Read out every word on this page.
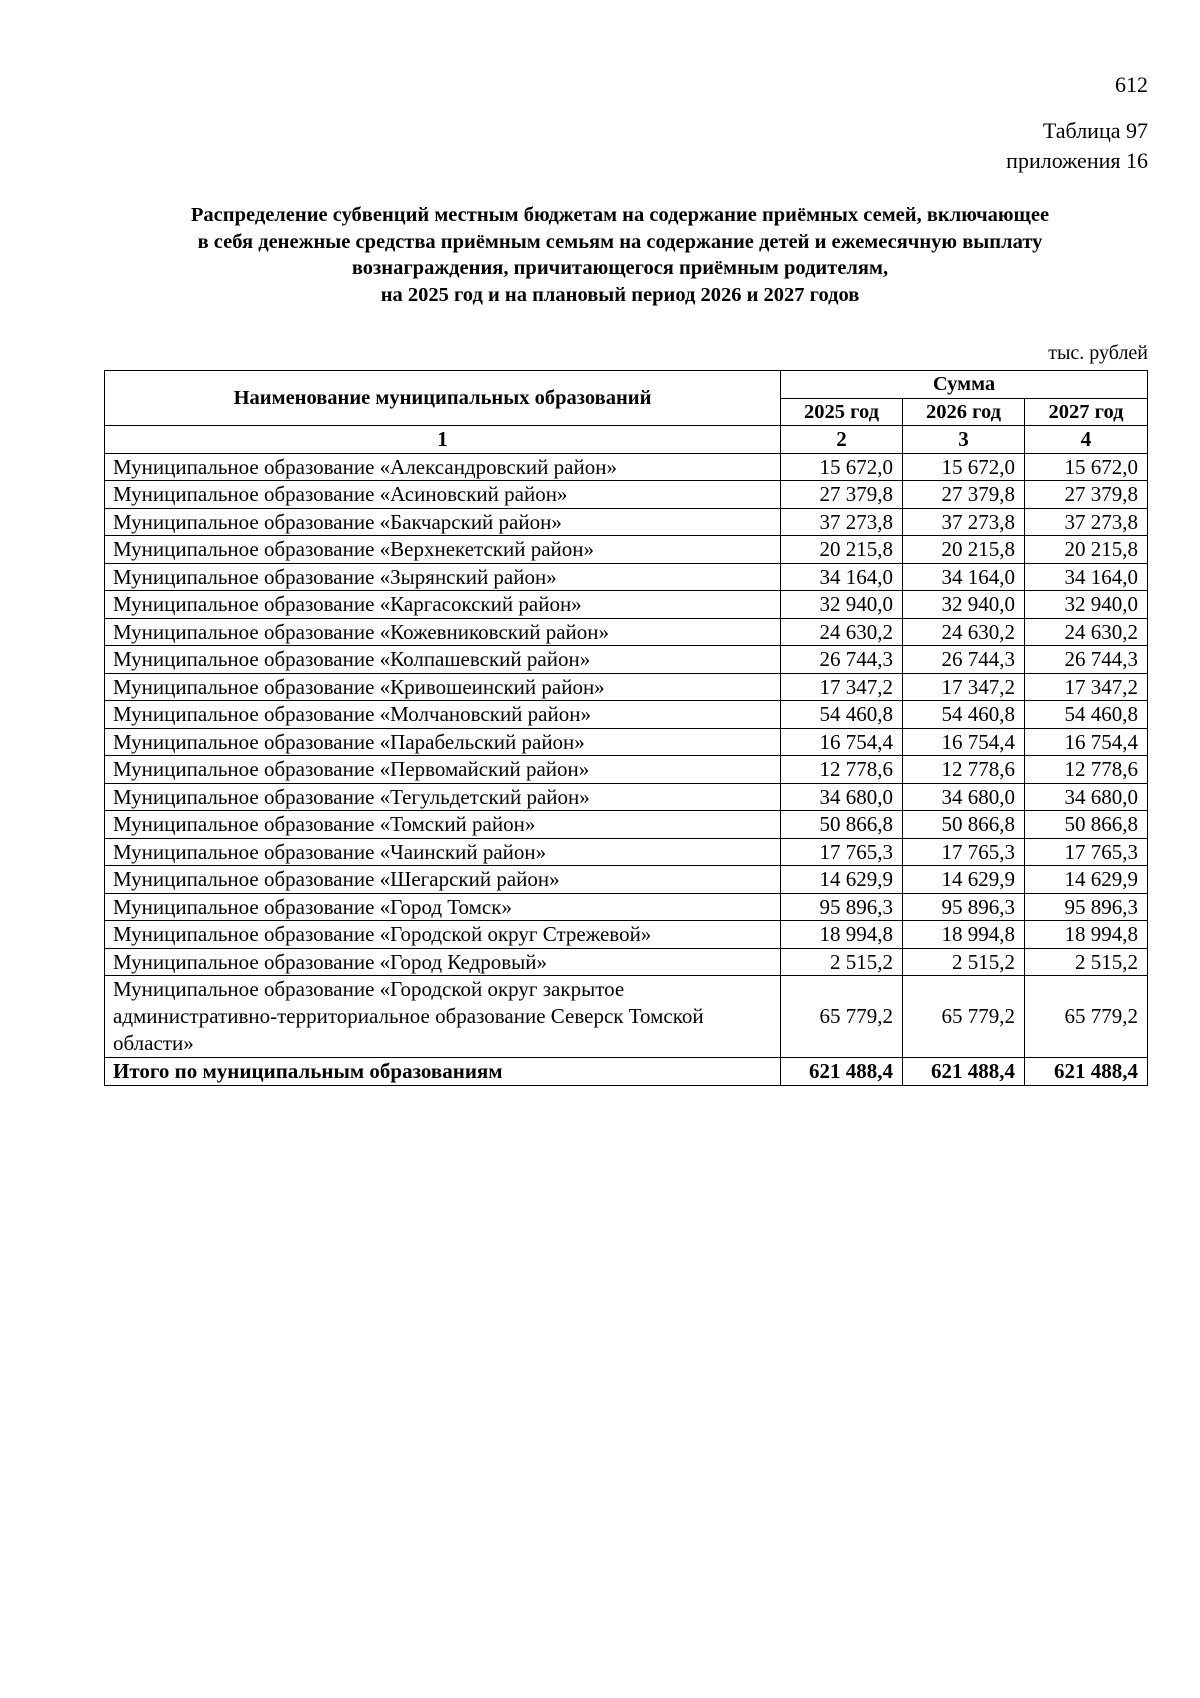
612
Таблица 97
приложения 16
Распределение субвенций местным бюджетам на содержание приёмных семей, включающее
в себя денежные средства приёмным семьям на содержание детей и ежемесячную выплату
вознаграждения, причитающегося приёмным родителям,
на 2025 год и на плановый период 2026 и 2027 годов
тыс. рублей
Наименование муниципальных образований	Сумма		
	2025 год	2026 год	2027 год
1	2	3	4
Муниципальное образование «Александровский район»	15 672,0	15 672,0	15 672,0
Муниципальное образование «Асиновский район»	27 379,8	27 379,8	27 379,8
Муниципальное образование «Бакчарский район»	37 273,8	37 273,8	37 273,8
Муниципальное образование «Верхнекетский район»	20 215,8	20 215,8	20 215,8
Муниципальное образование «Зырянский район»	34 164,0	34 164,0	34 164,0
Муниципальное образование «Каргасокский район»	32 940,0	32 940,0	32 940,0
Муниципальное образование «Кожевниковский район»	24 630,2	24 630,2	24 630,2
Муниципальное образование «Колпашевский район»	26 744,3	26 744,3	26 744,3
Муниципальное образование «Кривошеинский район»	17 347,2	17 347,2	17 347,2
Муниципальное образование «Молчановский район»	54 460,8	54 460,8	54 460,8
Муниципальное образование «Парабельский район»	16 754,4	16 754,4	16 754,4
Муниципальное образование «Первомайский район»	12 778,6	12 778,6	12 778,6
Муниципальное образование «Тегульдетский район»	34 680,0	34 680,0	34 680,0
Муниципальное образование «Томский район»	50 866,8	50 866,8	50 866,8
Муниципальное образование «Чаинский район»	17 765,3	17 765,3	17 765,3
Муниципальное образование «Шегарский район»	14 629,9	14 629,9	14 629,9
Муниципальное образование «Город Томск»	95 896,3	95 896,3	95 896,3
Муниципальное образование «Городской округ Стрежевой»	18 994,8	18 994,8	18 994,8
Муниципальное образование «Город Кедровый»	2 515,2	2 515,2	2 515,2
Муниципальное образование «Городской округ закрытое административно-территориальное образование Северск Томской области»	65 779,2	65 779,2	65 779,2
Итого по муниципальным образованиям	621 488,4	621 488,4	621 488,4
